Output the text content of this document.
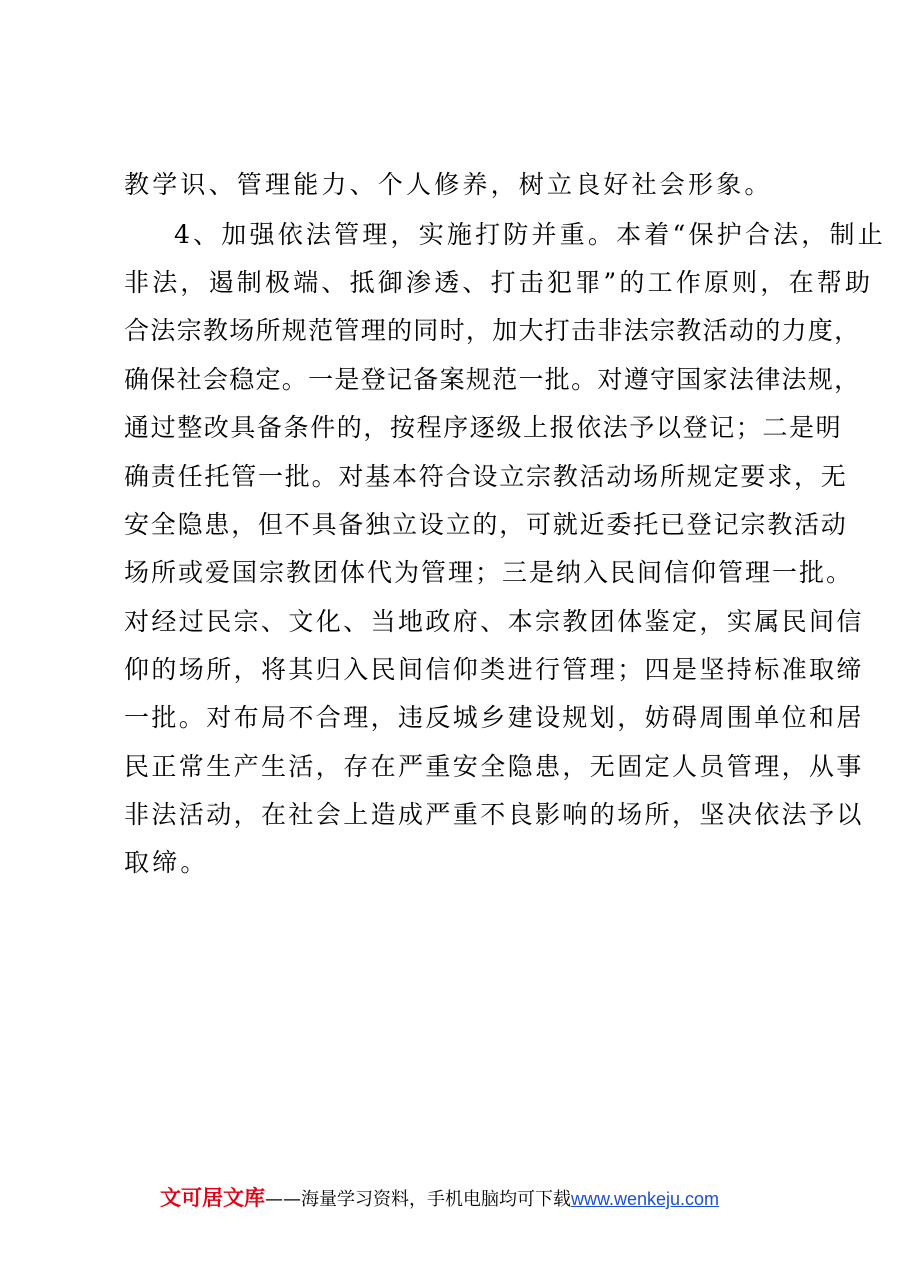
教学识、管理能力、个人修养，树立良好社会形象。
4、加强依法管理，实施打防并重。本着“保护合法，制止
非法，遏制极端、抵御渗透、打击犯罪”的工作原则，在帮助
合法宗教场所规范管理的同时，加大打击非法宗教活动的力度，
确保社会稳定。一是登记备案规范一批。对遵守国家法律法规，
通过整改具备条件的，按程序逐级上报依法予以登记；二是明
确责任托管一批。对基本符合设立宗教活动场所规定要求，无
安全隐患，但不具备独立设立的，可就近委托已登记宗教活动
场所或爱国宗教团体代为管理；三是纳入民间信仰管理一批。
对经过民宗、文化、当地政府、本宗教团体鉴定，实属民间信
仰的场所，将其归入民间信仰类进行管理；四是坚持标准取缔
一批。对布局不合理，违反城乡建设规划，妨碍周围单位和居
民正常生产生活，存在严重安全隐患，无固定人员管理，从事
非法活动，在社会上造成严重不良影响的场所，坚决依法予以
取缔。
文可居文库——海量学习资料，手机电脑均可下载www.wenkeju.com
